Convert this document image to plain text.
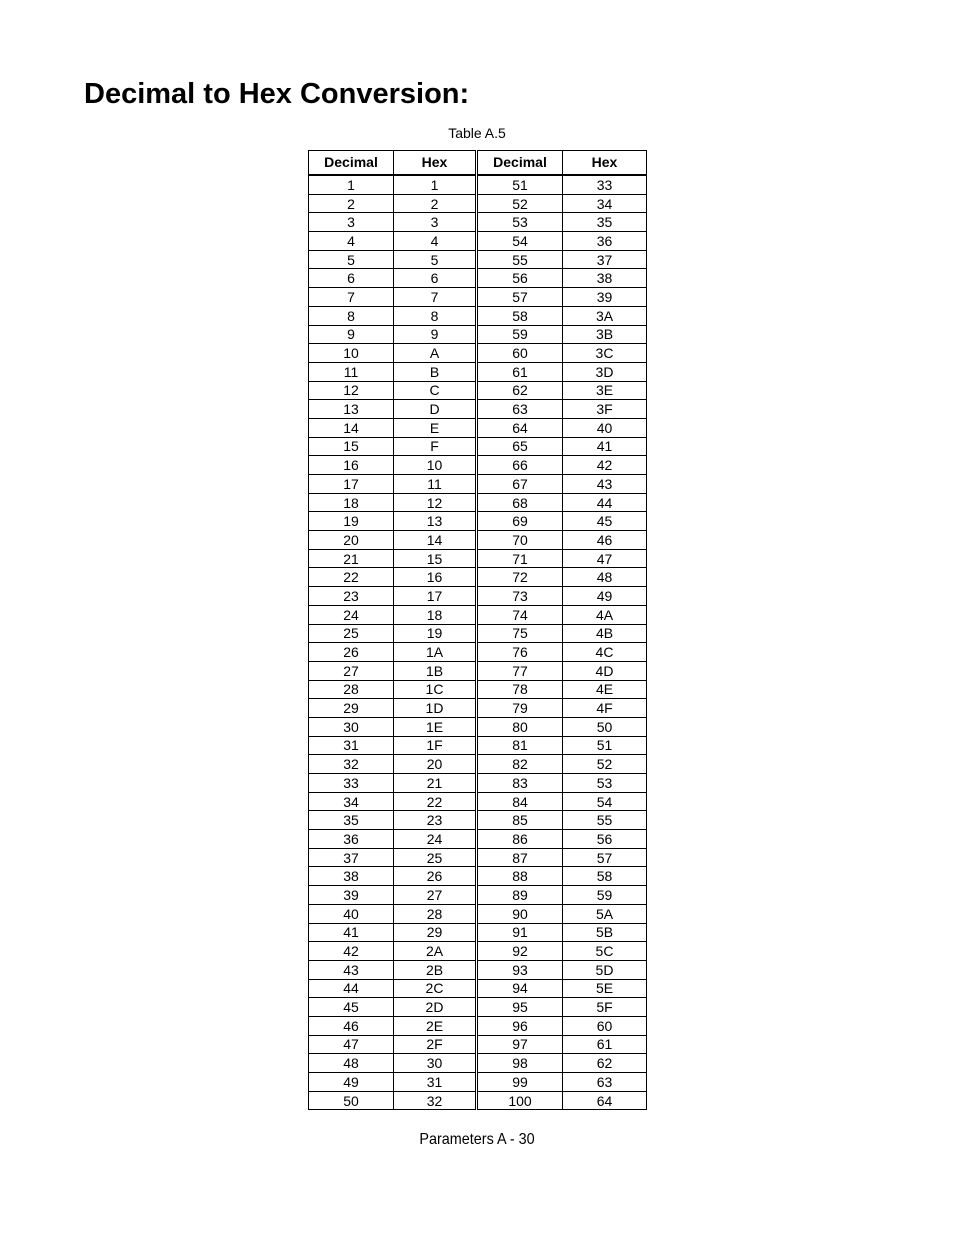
Decimal to Hex Conversion:
Table A.5
Decimal	Hex	Decimal	Hex
1	1	51	33
2	2	52	34
3	3	53	35
4	4	54	36
5	5	55	37
6	6	56	38
7	7	57	39
8	8	58	3A
9	9	59	3B
10	A	60	3C
11	B	61	3D
12	C	62	3E
13	D	63	3F
14	E	64	40
15	F	65	41
16	10	66	42
17	11	67	43
18	12	68	44
19	13	69	45
20	14	70	46
21	15	71	47
22	16	72	48
23	17	73	49
24	18	74	4A
25	19	75	4B
26	1A	76	4C
27	1B	77	4D
28	1C	78	4E
29	1D	79	4F
30	1E	80	50
31	1F	81	51
32	20	82	52
33	21	83	53
34	22	84	54
35	23	85	55
36	24	86	56
37	25	87	57
38	26	88	58
39	27	89	59
40	28	90	5A
41	29	91	5B
42	2A	92	5C
43	2B	93	5D
44	2C	94	5E
45	2D	95	5F
46	2E	96	60
47	2F	97	61
48	30	98	62
49	31	99	63
50	32	100	64
Parameters A - 30
